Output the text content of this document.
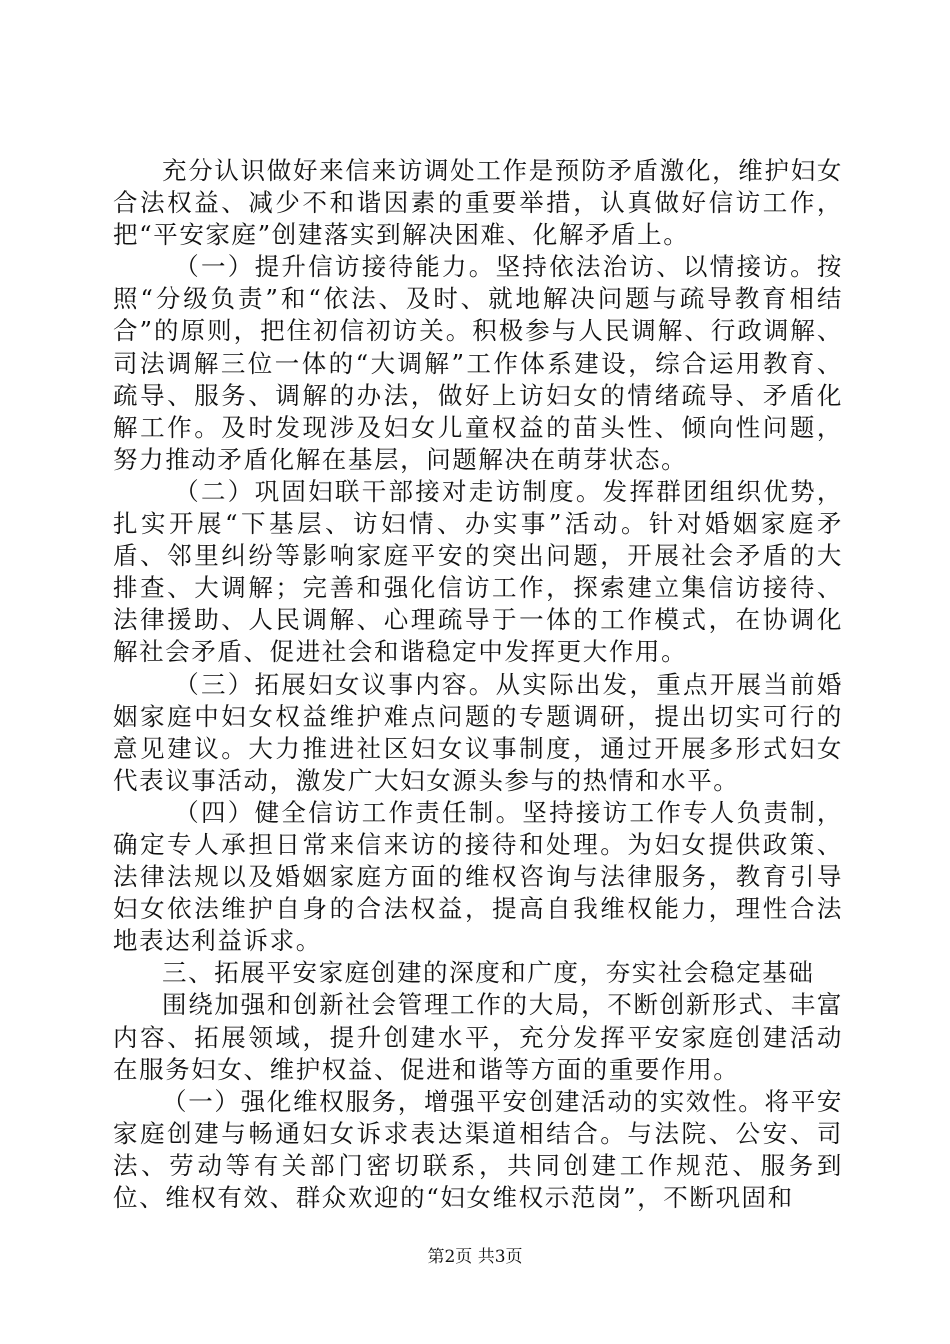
充分认识做好来信来访调处工作是预防矛盾激化，维护妇女合法权益、减少不和谐因素的重要举措，认真做好信访工作，把“平安家庭”创建落实到解决困难、化解矛盾上。

（一）提升信访接待能力。坚持依法治访、以情接访。按照“分级负责”和“依法、及时、就地解决问题与疏导教育相结合”的原则，把住初信初访关。积极参与人民调解、行政调解、司法调解三位一体的“大调解”工作体系建设，综合运用教育、疏导、服务、调解的办法，做好上访妇女的情绪疏导、矛盾化解工作。及时发现涉及妇女儿童权益的苗头性、倾向性问题，努力推动矛盾化解在基层，问题解决在萌芽状态。

（二）巩固妇联干部接对走访制度。发挥群团组织优势，扎实开展“下基层、访妇情、办实事”活动。针对婚姻家庭矛盾、邻里纠纷等影响家庭平安的突出问题，开展社会矛盾的大排查、大调解；完善和强化信访工作，探索建立集信访接待、法律援助、人民调解、心理疏导于一体的工作模式，在协调化解社会矛盾、促进社会和谐稳定中发挥更大作用。

（三）拓展妇女议事内容。从实际出发，重点开展当前婚姻家庭中妇女权益维护难点问题的专题调研，提出切实可行的意见建议。大力推进社区妇女议事制度，通过开展多形式妇女代表议事活动，激发广大妇女源头参与的热情和水平。

（四）健全信访工作责任制。坚持接访工作专人负责制，确定专人承担日常来信来访的接待和处理。为妇女提供政策、法律法规以及婚姻家庭方面的维权咨询与法律服务，教育引导妇女依法维护自身的合法权益，提高自我维权能力，理性合法地表达利益诉求。

三、拓展平安家庭创建的深度和广度，夯实社会稳定基础

围绕加强和创新社会管理工作的大局，不断创新形式、丰富内容、拓展领域，提升创建水平，充分发挥平安家庭创建活动在服务妇女、维护权益、促进和谐等方面的重要作用。

（一）强化维权服务，增强平安创建活动的实效性。将平安家庭创建与畅通妇女诉求表达渠道相结合。与法院、公安、司法、劳动等有关部门密切联系，共同创建工作规范、服务到位、维权有效、群众欢迎的“妇女维权示范岗”，不断巩固和

第2页 共3页
